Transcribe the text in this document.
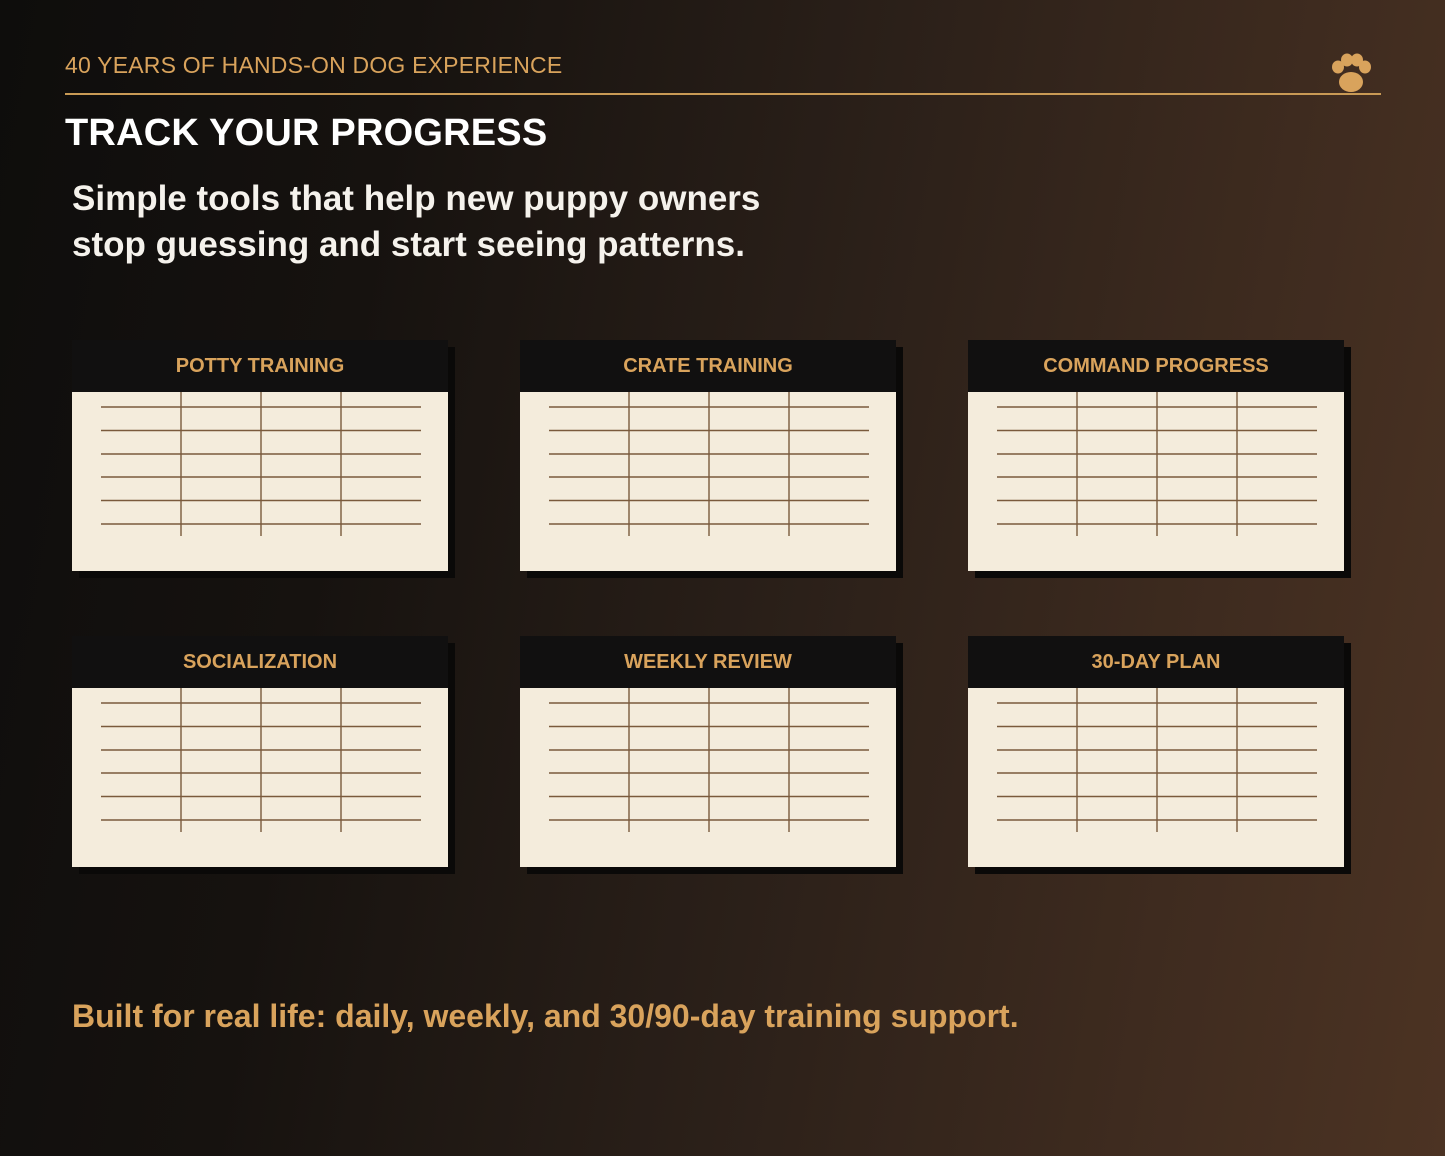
40 YEARS OF HANDS-ON DOG EXPERIENCE
TRACK YOUR PROGRESS
Simple tools that help new puppy owners
stop guessing and start seeing patterns.
POTTY TRAINING	CRATE TRAINING	COMMAND PROGRESS
SOCIALIZATION	WEEKLY REVIEW	30-DAY PLAN
Built for real life: daily, weekly, and 30/90-day training support.
